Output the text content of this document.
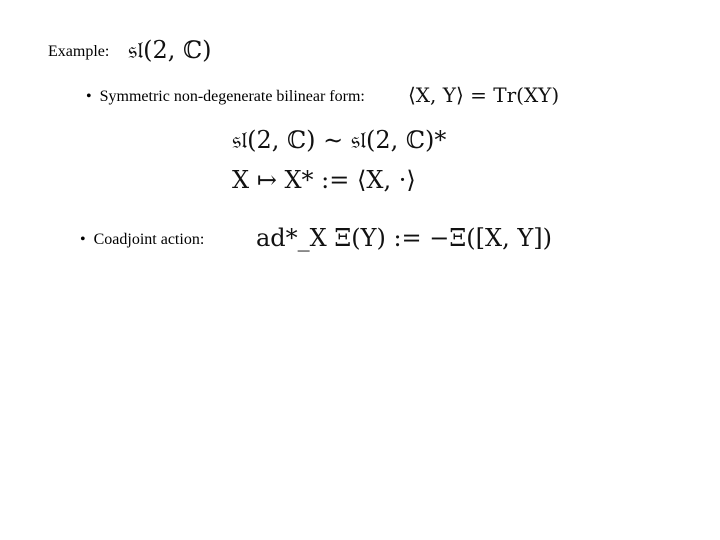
Example: 𝔰𝔩(2, ℂ)
• Symmetric non-degenerate bilinear form: ⟨X, Y⟩ = Tr(XY)
𝔰𝔩(2, ℂ) ∼ 𝔰𝔩(2, ℂ)*
X ↦ X* := ⟨X, ·⟩
• Coadjoint action: ad*_X Ξ(Y) := −Ξ([X, Y])
